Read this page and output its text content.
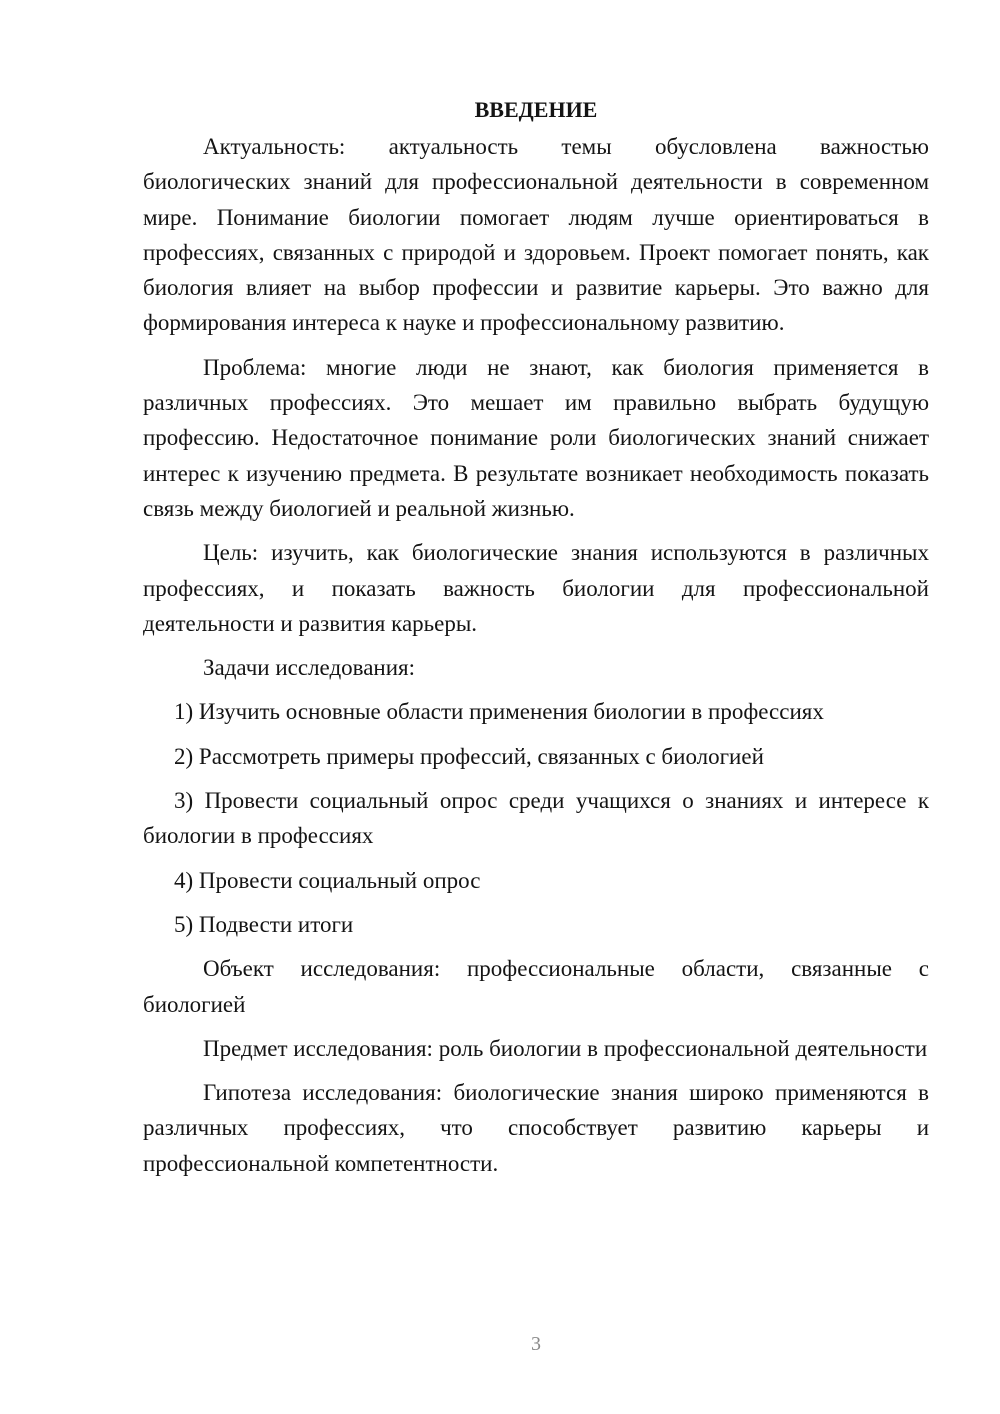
ВВЕДЕНИЕ

Актуальность: актуальность темы обусловлена важностью биологических знаний для профессиональной деятельности в современном мире. Понимание биологии помогает людям лучше ориентироваться в профессиях, связанных с природой и здоровьем. Проект помогает понять, как биология влияет на выбор профессии и развитие карьеры. Это важно для формирования интереса к науке и профессиональному развитию.

Проблема: многие люди не знают, как биология применяется в различных профессиях. Это мешает им правильно выбрать будущую профессию. Недостаточное понимание роли биологических знаний снижает интерес к изучению предмета. В результате возникает необходимость показать связь между биологией и реальной жизнью.

Цель: изучить, как биологические знания используются в различных профессиях, и показать важность биологии для профессиональной деятельности и развития карьеры.

Задачи исследования:

1) Изучить основные области применения биологии в профессиях

2) Рассмотреть примеры профессий, связанных с биологией

3) Провести социальный опрос среди учащихся о знаниях и интересе к биологии в профессиях

4) Провести социальный опрос

5) Подвести итоги

Объект исследования: профессиональные области, связанные с биологией

Предмет исследования: роль биологии в профессиональной деятельности

Гипотеза исследования: биологические знания широко применяются в различных профессиях, что способствует развитию карьеры и профессиональной компетентности.

3
